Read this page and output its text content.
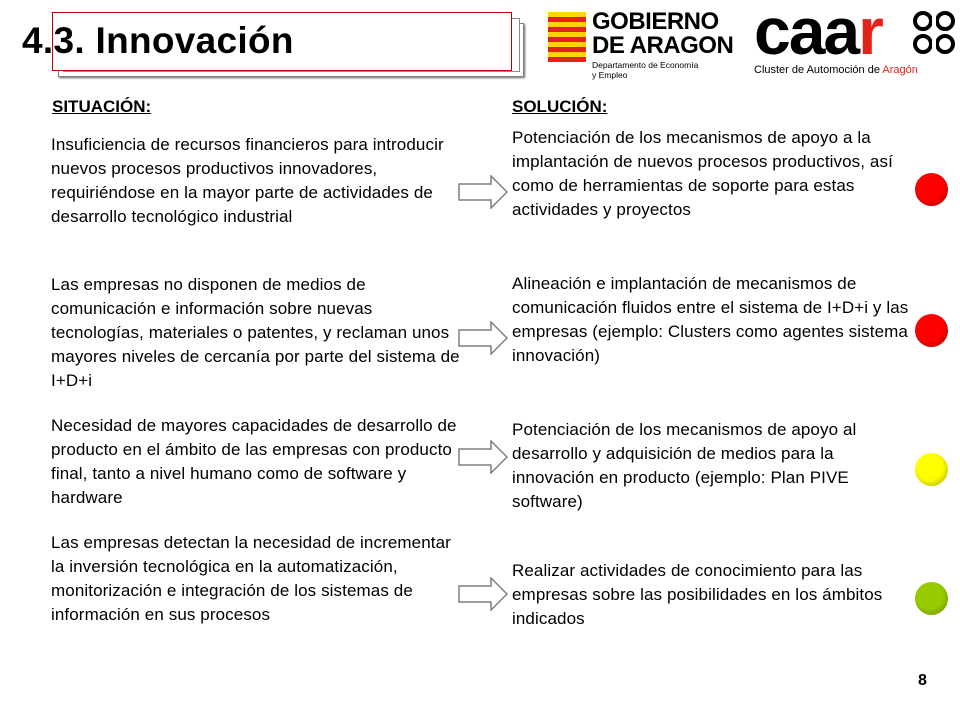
4.3. Innovación	GOBIERNO
DE ARAGON
Departamento de Economía
y Empleo
caar
Cluster de Automoción de Aragón
SITUACIÓN:	SOLUCIÓN:

Insuficiencia de recursos financieros para introducir nuevos procesos productivos innovadores, requiriéndose en la mayor parte de actividades de desarrollo tecnológico industrial

Potenciación de los mecanismos de apoyo a la implantación de nuevos procesos productivos, así como de herramientas de soporte para estas actividades y proyectos

Las empresas no disponen de medios de comunicación e información sobre nuevas tecnologías, materiales o patentes, y reclaman unos mayores niveles de cercanía por parte del sistema de I+D+i

Alineación e implantación de mecanismos de comunicación fluidos entre el sistema de I+D+i y las empresas (ejemplo: Clusters como agentes sistema innovación)

Necesidad de mayores capacidades de desarrollo de producto en el ámbito de las empresas con producto final, tanto a nivel humano como de software y hardware

Potenciación de los mecanismos de apoyo al desarrollo y adquisición de medios para la innovación en producto (ejemplo: Plan PIVE software)

Las empresas detectan la necesidad de incrementar la inversión tecnológica en la automatización, monitorización e integración de los sistemas de información en sus procesos

Realizar actividades de conocimiento para las empresas sobre las posibilidades en los ámbitos indicados

8
